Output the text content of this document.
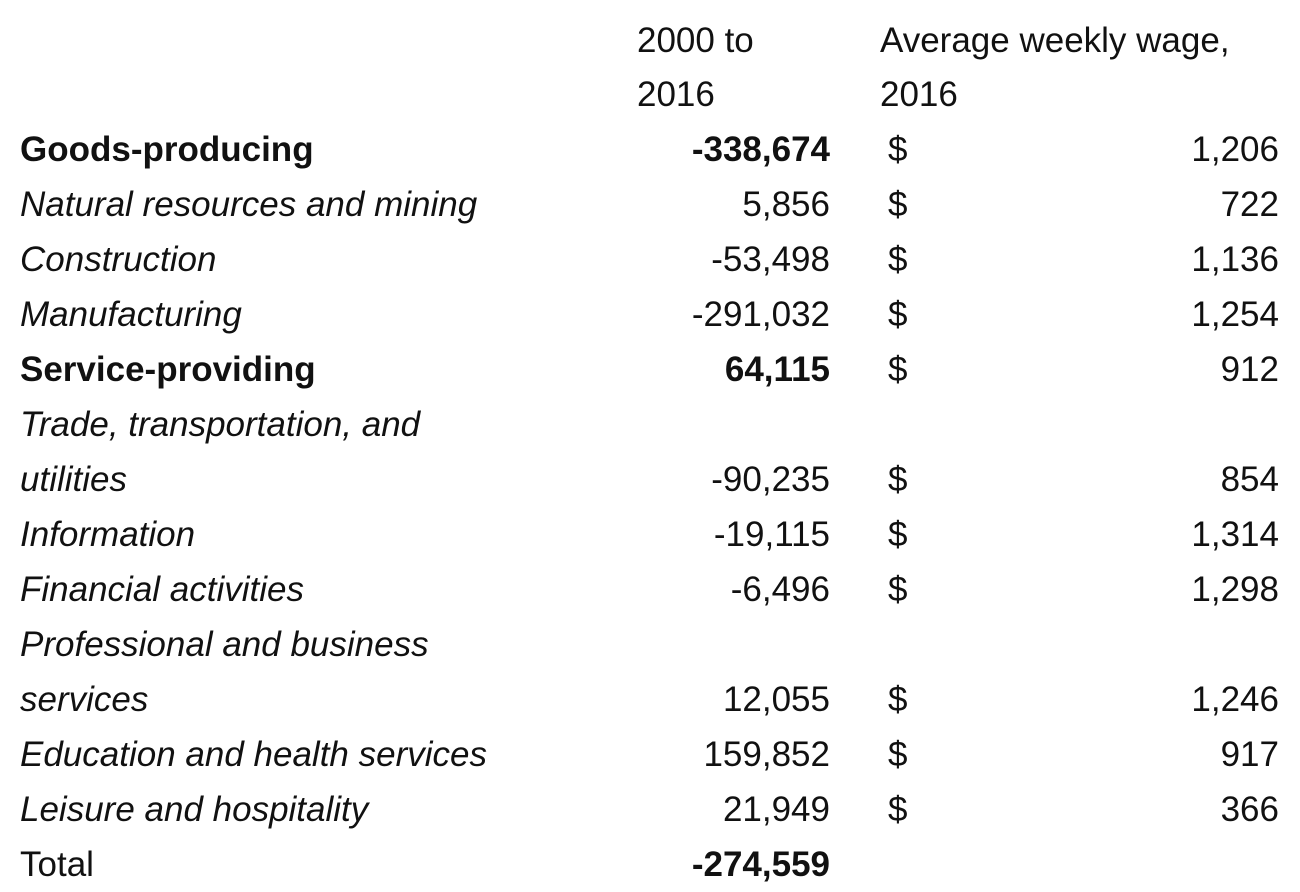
2000 to
2016
Average weekly wage,
2016
Goods-producing	-338,674 $	1,206
Natural resources and mining	5,856 $	722
Construction	-53,498 $	1,136
Manufacturing	-291,032 $	1,254
Service-providing	64,115 $	912
Trade, transportation, and
utilities	-90,235 $	854
Information	-19,115 $	1,314
Financial activities	-6,496 $	1,298
Professional and business
services	12,055 $	1,246
Education and health services	159,852 $	917
Leisure and hospitality	21,949 $	366
Total	-274,559
